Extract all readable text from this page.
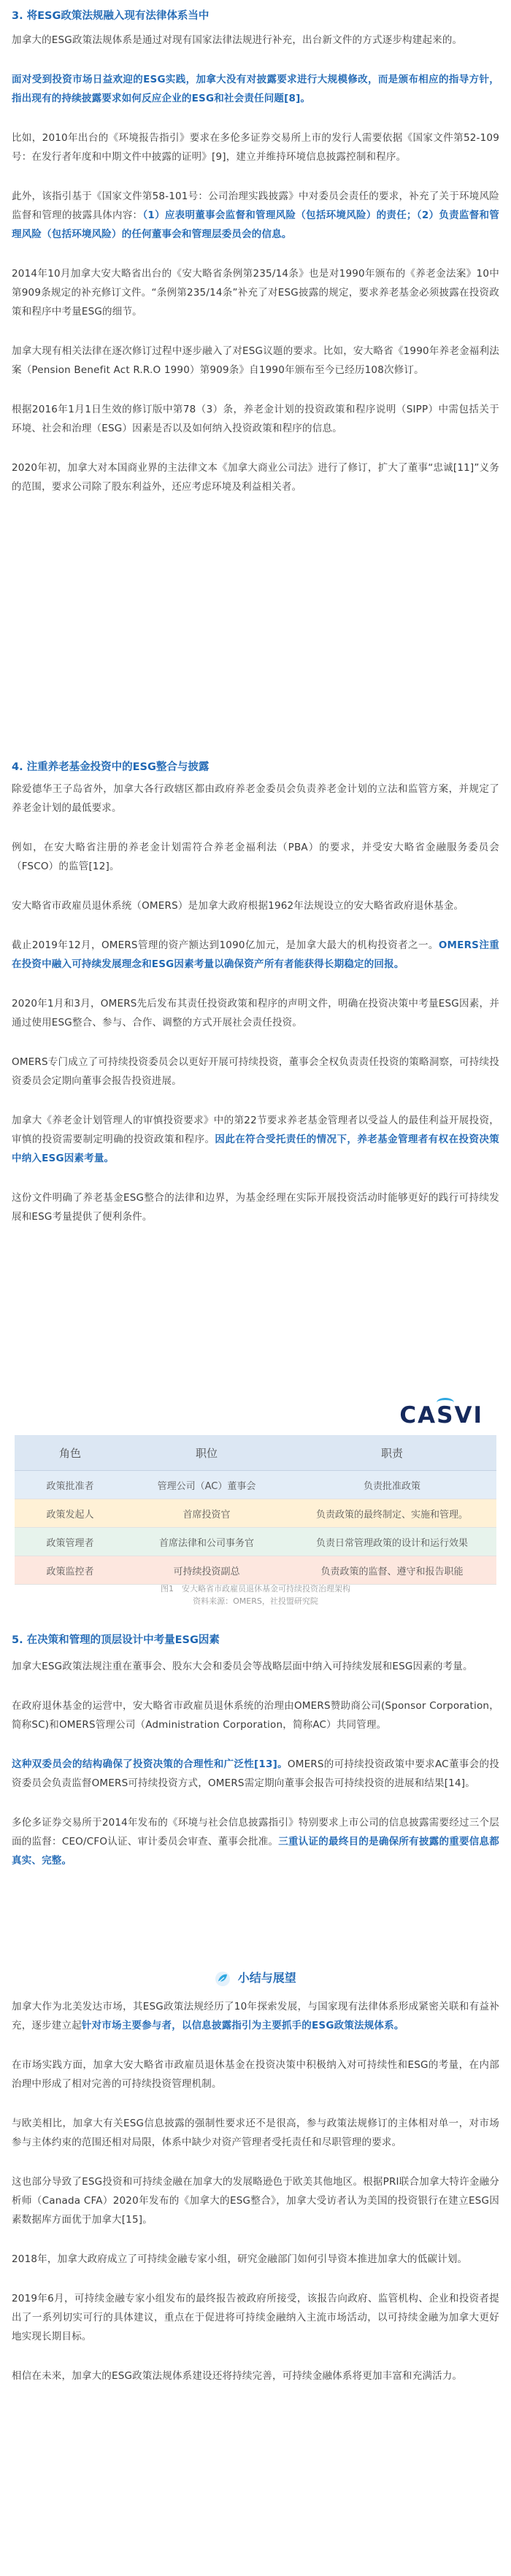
3. 将ESG政策法规融入现有法律体系当中

加拿大的ESG政策法规体系是通过对现有国家法律法规进行补充，出台新文件的方式逐步构建起来的。

面对受到投资市场日益欢迎的ESG实践，加拿大没有对披露要求进行大规模修改，而是颁布相应的指导方针，指出现有的持续披露要求如何反应企业的ESG和社会责任问题[8]。

比如，2010年出台的《环境报告指引》要求在多伦多证券交易所上市的发行人需要依据《国家文件第52-109号：在发行者年度和中期文件中披露的证明》[9]，建立并维持环境信息披露控制和程序。

此外，该指引基于《国家文件第58-101号：公司治理实践披露》中对委员会责任的要求，补充了关于环境风险监督和管理的披露具体内容：（1）应表明董事会监督和管理风险（包括环境风险）的责任；（2）负责监督和管理风险（包括环境风险）的任何董事会和管理层委员会的信息。

2014年10月加拿大安大略省出台的《安大略省条例第235/14条》也是对1990年颁布的《养老金法案》10中第909条规定的补充修订文件。“条例第235/14条”补充了对ESG披露的规定，要求养老基金必须披露在投资政策和程序中考量ESG的细节。

加拿大现有相关法律在逐次修订过程中逐步融入了对ESG议题的要求。比如，安大略省《1990年养老金福利法案（Pension Benefit Act R.R.O 1990）第909条》自1990年颁布至今已经历108次修订。

根据2016年1月1日生效的修订版中第78（3）条，养老金计划的投资政策和程序说明（SIPP）中需包括关于环境、社会和治理（ESG）因素是否以及如何纳入投资政策和程序的信息。

2020年初，加拿大对本国商业界的主法律文本《加拿大商业公司法》进行了修订，扩大了董事“忠诚[11]”义务的范围，要求公司除了股东利益外，还应考虑环境及利益相关者。

4. 注重养老基金投资中的ESG整合与披露

除爱德华王子岛省外，加拿大各行政辖区都由政府养老金委员会负责养老金计划的立法和监管方案，并规定了养老金计划的最低要求。

例如，在安大略省注册的养老金计划需符合养老金福利法（PBA）的要求，并受安大略省金融服务委员会（FSCO）的监管[12]。

安大略省市政雇员退休系统（OMERS）是加拿大政府根据1962年法规设立的安大略省政府退休基金。

截止2019年12月，OMERS管理的资产额达到1090亿加元，是加拿大最大的机构投资者之一。OMERS注重在投资中融入可持续发展理念和ESG因素考量以确保资产所有者能获得长期稳定的回报。

2020年1月和3月，OMERS先后发布其责任投资政策和程序的声明文件，明确在投资决策中考量ESG因素，并通过使用ESG整合、参与、合作、调整的方式开展社会责任投资。

OMERS专门成立了可持续投资委员会以更好开展可持续投资，董事会全权负责责任投资的策略洞察，可持续投资委员会定期向董事会报告投资进展。

加拿大《养老金计划管理人的审慎投资要求》中的第22节要求养老基金管理者以受益人的最佳利益开展投资，审慎的投资需要制定明确的投资政策和程序。因此在符合受托责任的情况下，养老基金管理者有权在投资决策中纳入ESG因素考量。

这份文件明确了养老基金ESG整合的法律和边界，为基金经理在实际开展投资活动时能够更好的践行可持续发展和ESG考量提供了便利条件。

CASVI
角色	职位	职责
政策批准者	管理公司（AC）董事会	负责批准政策
政策发起人	首席投资官	负责政策的最终制定、实施和管理。
政策管理者	首席法律和公司事务官	负责日常管理政策的设计和运行效果
政策监控者	可持续投资副总	负责政策的监督、遵守和报告职能
图1　安大略省市政雇员退休基金可持续投资治理架构
资料来源：OMERS，社投盟研究院
5. 在决策和管理的顶层设计中考量ESG因素

加拿大ESG政策法规注重在董事会、股东大会和委员会等战略层面中纳入可持续发展和ESG因素的考量。

在政府退休基金的运营中，安大略省市政雇员退休系统的治理由OMERS赞助商公司(Sponsor Corporation，简称SC)和OMERS管理公司（Administration Corporation，简称AC）共同管理。

这种双委员会的结构确保了投资决策的合理性和广泛性[13]。OMERS的可持续投资政策中要求AC董事会的投资委员会负责监督OMERS可持续投资方式，OMERS需定期向董事会报告可持续投资的进展和结果[14]。

多伦多证券交易所于2014年发布的《环境与社会信息披露指引》特别要求上市公司的信息披露需要经过三个层面的监督：CEO/CFO认证、审计委员会审查、董事会批准。三重认证的最终目的是确保所有披露的重要信息都真实、完整。

小结与展望

加拿大作为北美发达市场，其ESG政策法规经历了10年探索发展，与国家现有法律体系形成紧密关联和有益补充，逐步建立起针对市场主要参与者，以信息披露指引为主要抓手的ESG政策法规体系。

在市场实践方面，加拿大安大略省市政雇员退休基金在投资决策中积极纳入对可持续性和ESG的考量，在内部治理中形成了相对完善的可持续投资管理机制。

与欧美相比，加拿大有关ESG信息披露的强制性要求还不是很高，参与政策法规修订的主体相对单一，对市场参与主体约束的范围还相对局限，体系中缺少对资产管理者受托责任和尽职管理的要求。

这也部分导致了ESG投资和可持续金融在加拿大的发展略逊色于欧美其他地区。根据PRI联合加拿大特许金融分析师（Canada CFA）2020年发布的《加拿大的ESG整合》，加拿大受访者认为美国的投资银行在建立ESG因素数据库方面优于加拿大[15]。

2018年，加拿大政府成立了可持续金融专家小组，研究金融部门如何引导资本推进加拿大的低碳计划。

2019年6月，可持续金融专家小组发布的最终报告被政府所接受，该报告向政府、监管机构、企业和投资者提出了一系列切实可行的具体建议，重点在于促进将可持续金融纳入主流市场活动，以可持续金融为加拿大更好地实现长期目标。

相信在未来，加拿大的ESG政策法规体系建设还将持续完善，可持续金融体系将更加丰富和充满活力。
